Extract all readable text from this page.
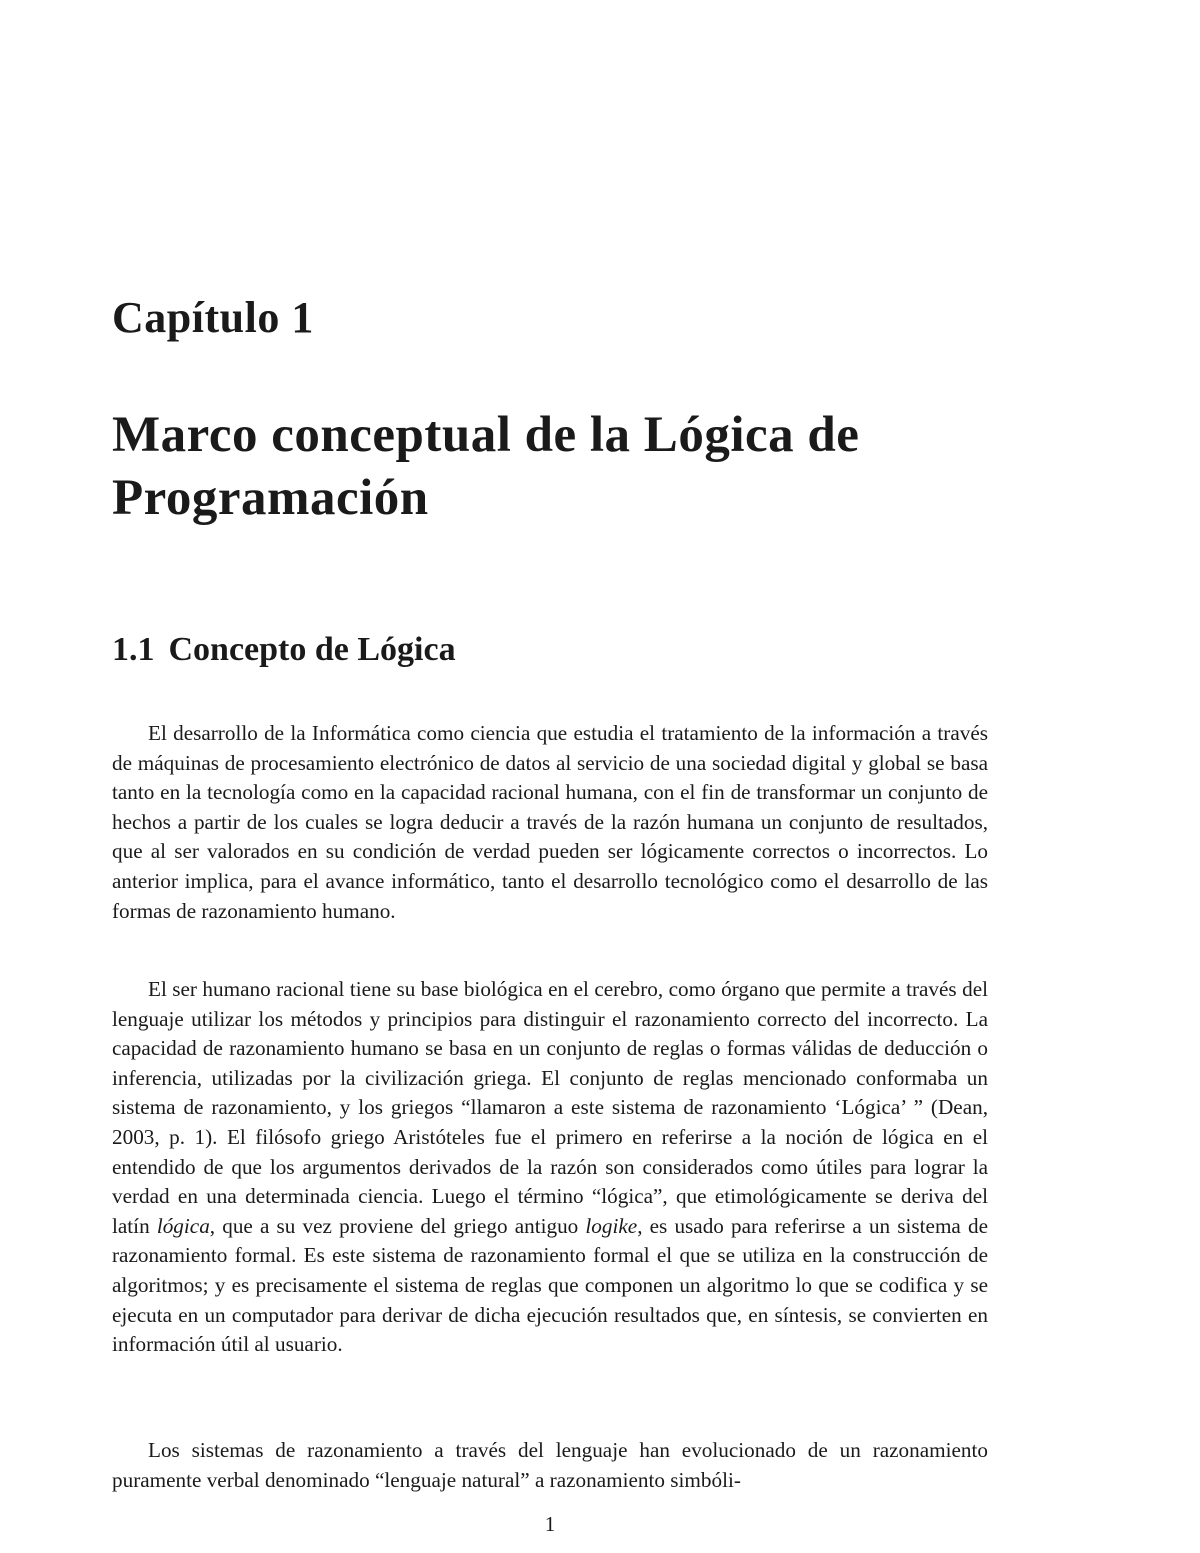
Capítulo 1
Marco conceptual de la Lógica de Programación
1.1 Concepto de Lógica

El desarrollo de la Informática como ciencia que estudia el tratamiento de la información a través de máquinas de procesamiento electrónico de datos al servicio de una sociedad digital y global se basa tanto en la tecnología como en la capacidad racional humana, con el fin de transformar un conjunto de hechos a partir de los cuales se logra deducir a través de la razón humana un conjunto de resultados, que al ser valorados en su condición de verdad pueden ser lógicamente correctos o incorrectos. Lo anterior implica, para el avance informático, tanto el desarrollo tecnológico como el desarrollo de las formas de razonamiento humano.

El ser humano racional tiene su base biológica en el cerebro, como órgano que permite a través del lenguaje utilizar los métodos y principios para distinguir el razonamiento correcto del incorrecto. La capacidad de razonamiento humano se basa en un conjunto de reglas o formas válidas de deducción o inferencia, utilizadas por la civilización griega. El conjunto de reglas mencionado conformaba un sistema de razonamiento, y los griegos “llamaron a este sistema de razonamiento ‘Lógica’ ” (Dean, 2003, p. 1). El filósofo griego Aristóteles fue el primero en referirse a la noción de lógica en el entendido de que los argumentos derivados de la razón son considerados como útiles para lograr la verdad en una determinada ciencia. Luego el término “lógica”, que etimológicamente se deriva del latín lógica, que a su vez proviene del griego antiguo logike, es usado para referirse a un sistema de razonamiento formal. Es este sistema de razonamiento formal el que se utiliza en la construcción de algoritmos; y es precisamente el sistema de reglas que componen un algoritmo lo que se codifica y se ejecuta en un computador para derivar de dicha ejecución resultados que, en síntesis, se convierten en información útil al usuario.

Los sistemas de razonamiento a través del lenguaje han evolucionado de un razonamiento puramente verbal denominado “lenguaje natural” a razonamiento simbóli-

1
